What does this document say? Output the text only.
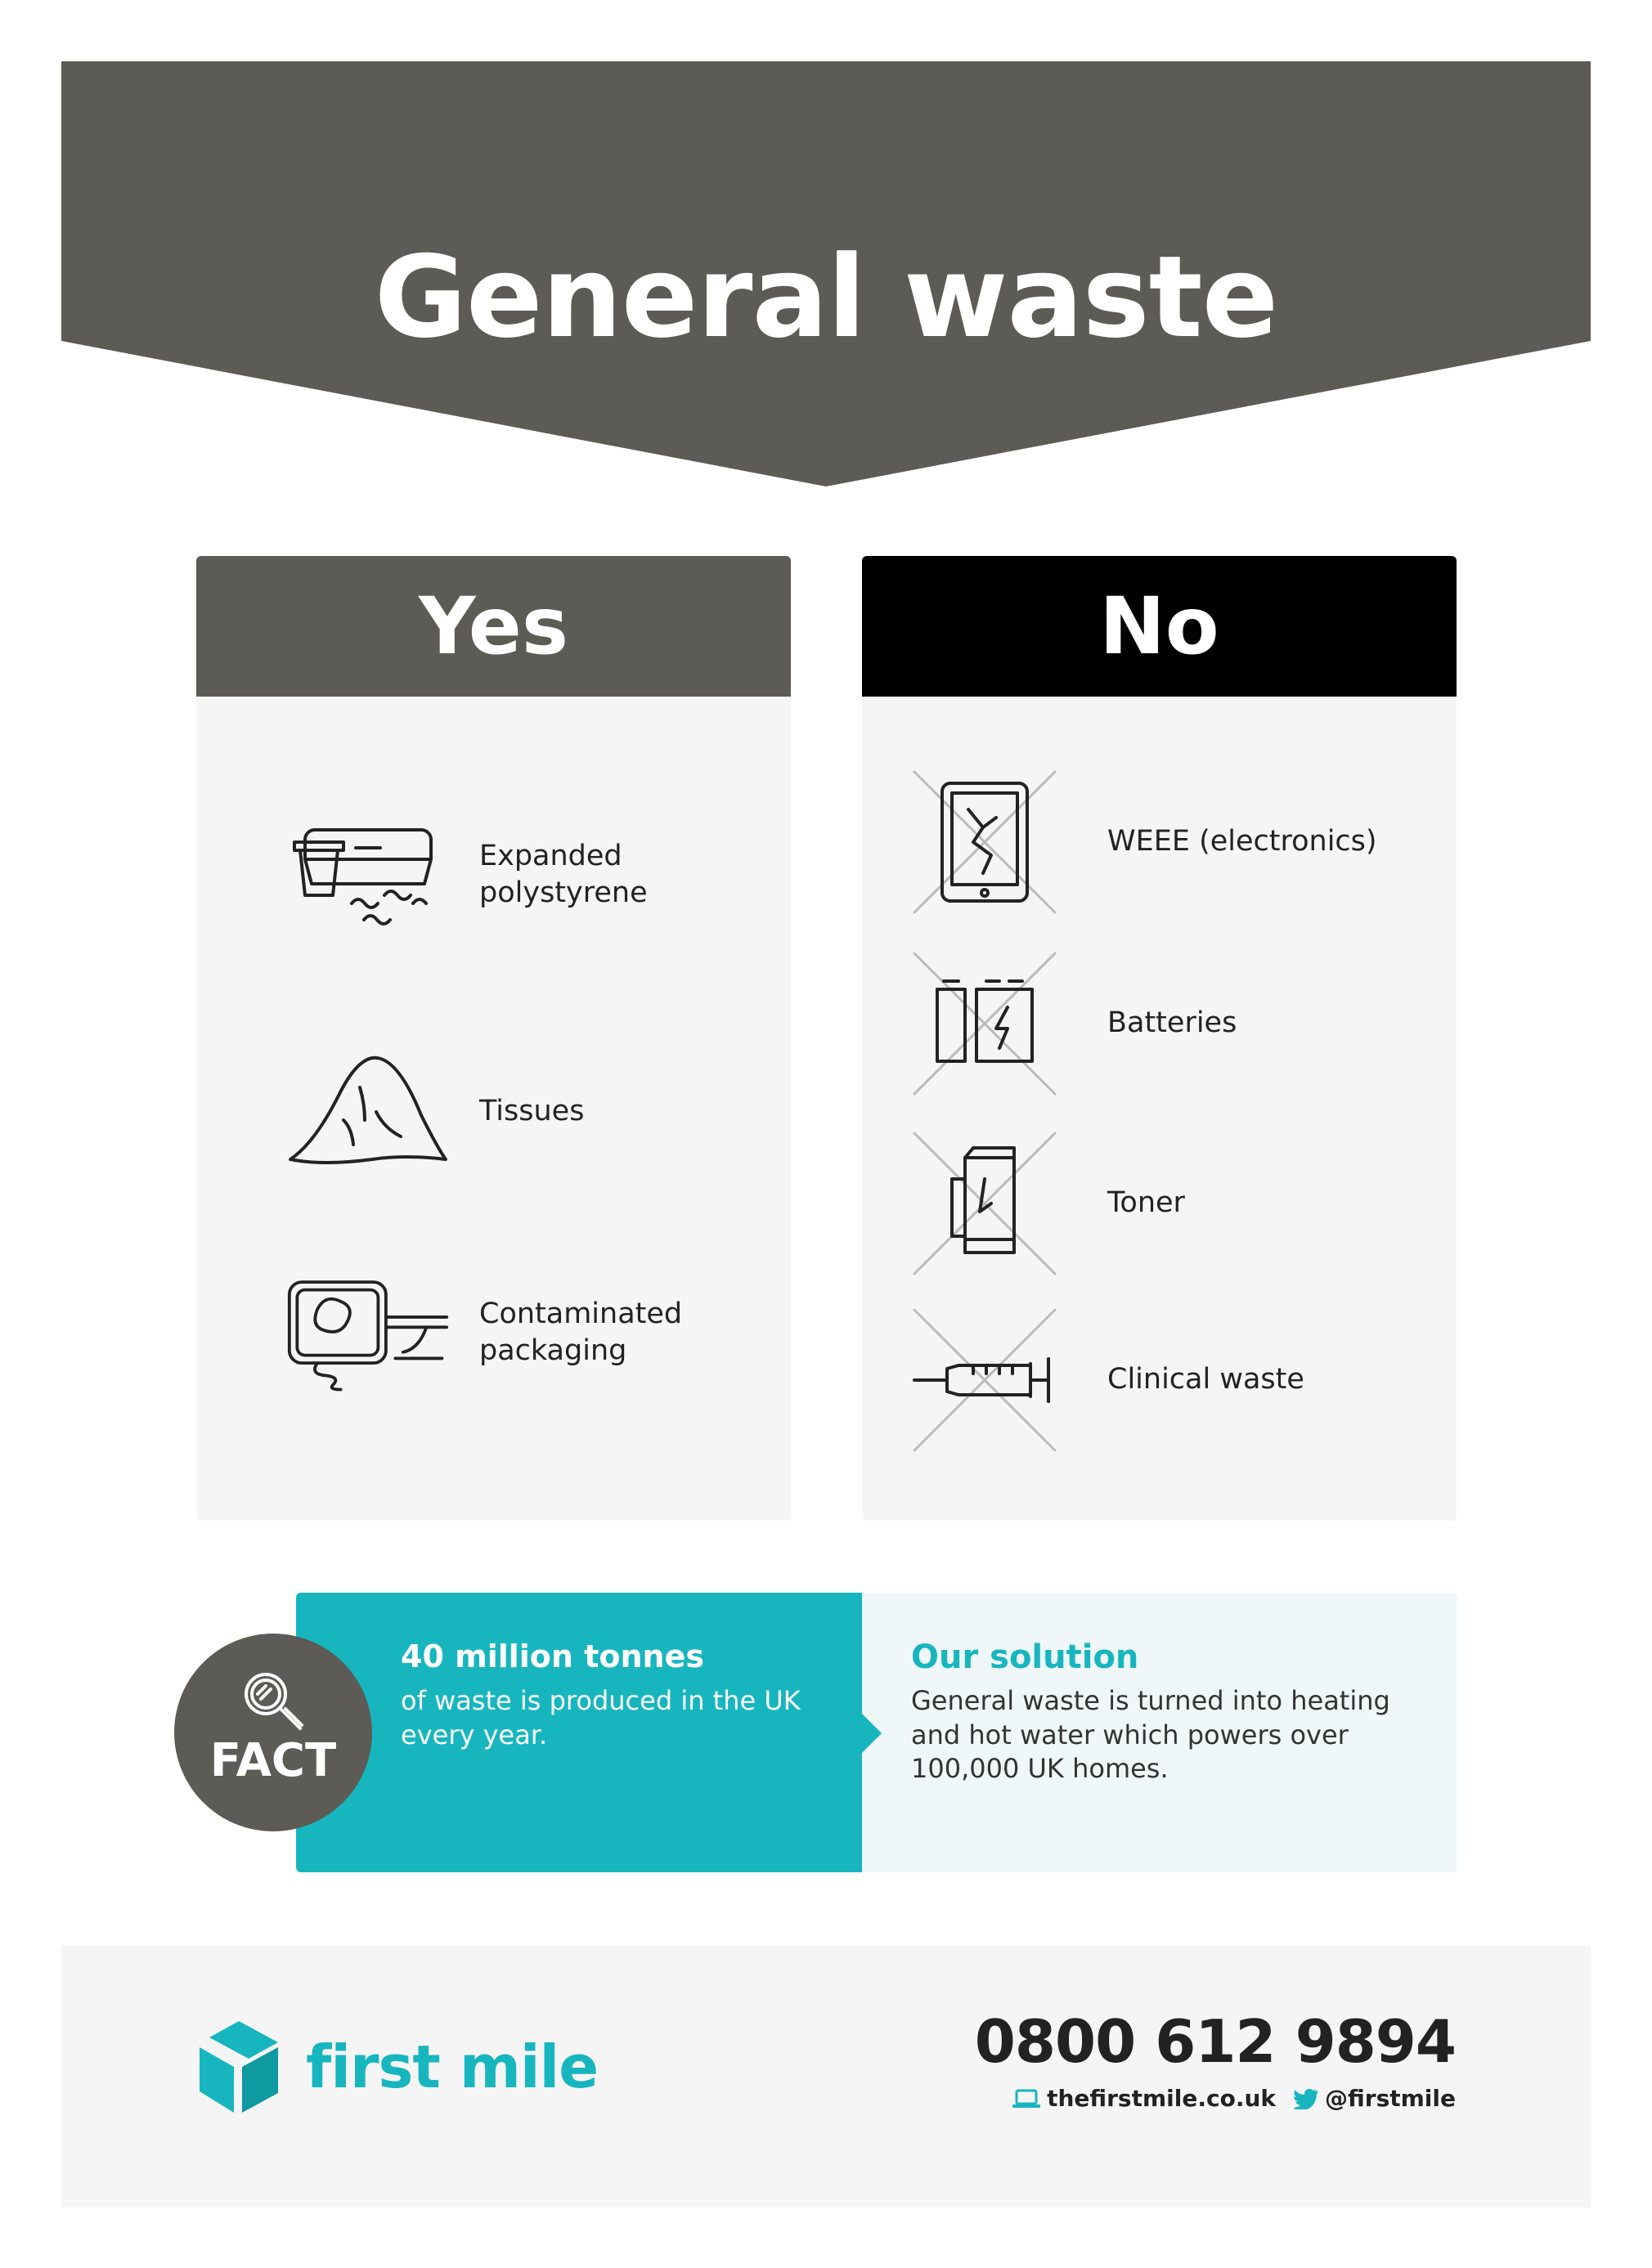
General waste
Yes
Expanded
polystyrene
Tissues
Contaminated
packaging
No
WEEE (electronics)
Batteries
Toner
Clinical waste
40 million tonnes
of waste is produced in the UK every year.
Our solution
General waste is turned into heating and hot water which powers over 100,000 UK homes.
FACT
first mile	0800 612 9894
thefirstmile.co.uk @firstmile
